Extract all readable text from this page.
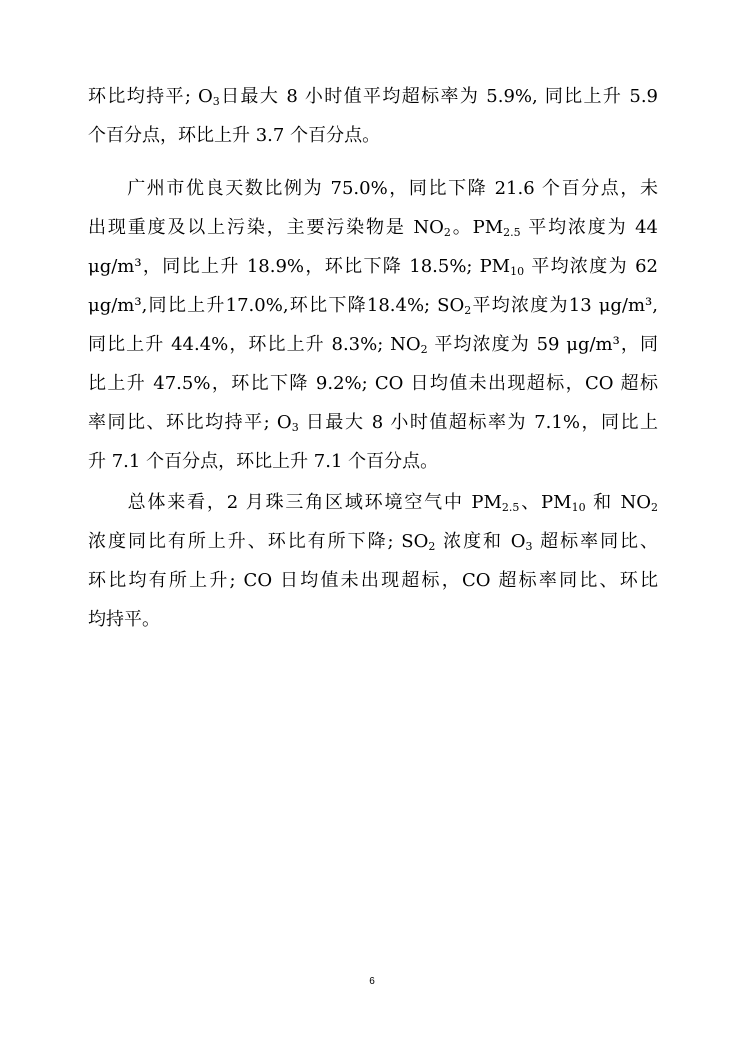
环比均持平; $O_3$日最大 8 小时值平均超标率为 5.9%, 同比上升 5.9
个百分点，环比上升 3.7 个百分点。

　　广州市优良天数比例为 75.0%，同比下降 21.6 个百分点，未
出现重度及以上污染，主要污染物是 $NO_2$。$PM_{2.5}$ 平均浓度为 44
μg/m³，同比上升 18.9%，环比下降 18.5%; $PM_{10}$ 平均浓度为 62
μg/m³,同比上升17.0%,环比下降18.4%; $SO_2$平均浓度为13 μg/m³,
同比上升 44.4%，环比上升 8.3%; $NO_2$ 平均浓度为 59 μg/m³，同
比上升 47.5%，环比下降 9.2%; CO 日均值未出现超标，CO 超标
率同比、环比均持平; $O_3$ 日最大 8 小时值超标率为 7.1%，同比上
升 7.1 个百分点，环比上升 7.1 个百分点。

　　总体来看，2 月珠三角区域环境空气中 $PM_{2.5}$、$PM_{10}$ 和 $NO_2$
浓度同比有所上升、环比有所下降; $SO_2$ 浓度和 $O_3$ 超标率同比、
环比均有所上升; CO 日均值未出现超标，CO 超标率同比、环比
均持平。

6
